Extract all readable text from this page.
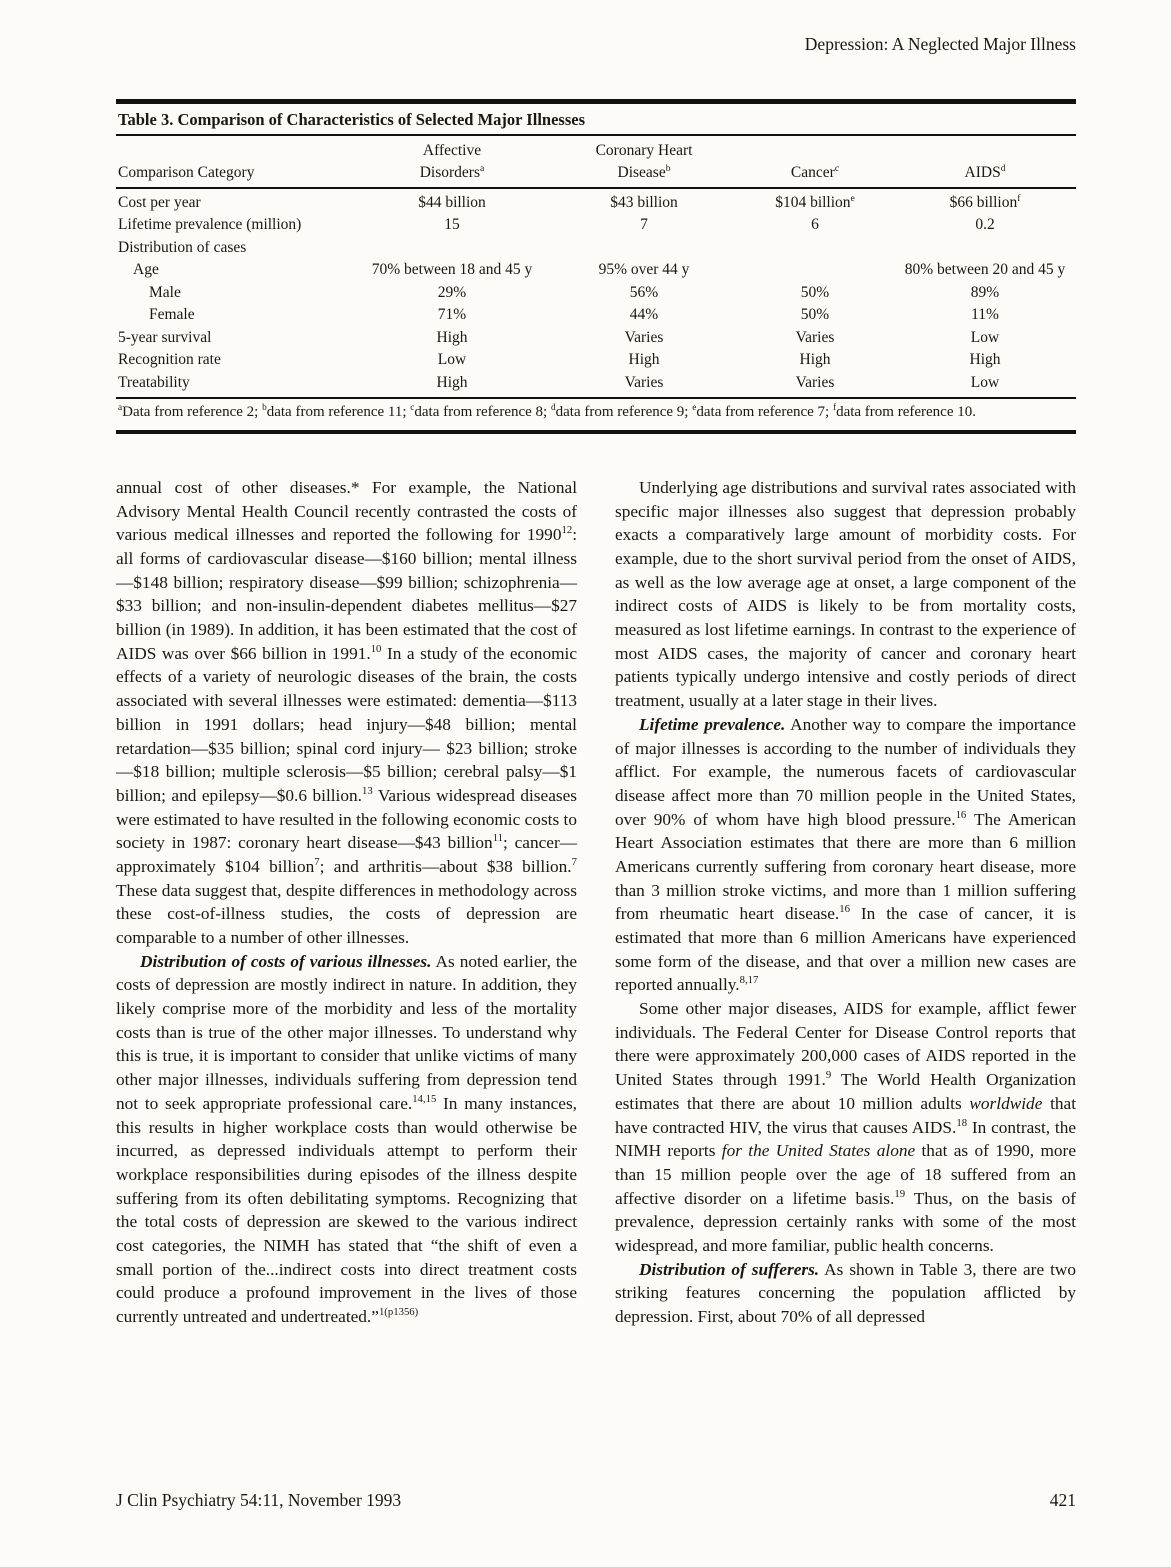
Depression: A Neglected Major Illness
Table 3. Comparison of Characteristics of Selected Major Illnesses
	Affective	Coronary Heart		
Comparison Category	Disorders$^a$	Disease$^b$	Cancer$^c$	AIDS$^d$
Cost per year	$44 billion	$43 billion	$104 billion$^e$	$66 billion$^f$
Lifetime prevalence (million)	15	7	6	0.2
Distribution of cases				
Age	70% between 18 and 45 y	95% over 44 y		80% between 20 and 45 y
Male	29%	56%	50%	89%
Female	71%	44%	50%	11%
5-year survival	High	Varies	Varies	Low
Recognition rate	Low	High	High	High
Treatability	High	Varies	Varies	Low
$^a$Data from reference 2; $^b$data from reference 11; $^c$data from reference 8; $^d$data from reference 9; $^e$data from reference 7; $^f$data from reference 10.

annual cost of other diseases.* For example, the National Advisory Mental Health Council recently contrasted the costs of various medical illnesses and reported the following for 1990$^{12}$: all forms of cardiovascular disease—$160 billion; mental illness—$148 billion; respiratory disease—$99 billion; schizophrenia— $33 billion; and non-insulin-dependent diabetes mellitus—$27 billion (in 1989). In addition, it has been estimated that the cost of AIDS was over $66 billion in 1991.10 In a study of the economic effects of a variety of neurologic diseases of the brain, the costs associated with several illnesses were estimated: dementia—$113 billion in 1991 dollars; head injury—$48 billion; mental retardation—$35 billion; spinal cord injury— $23 billion; stroke—$18 billion; multiple sclerosis—$5 billion; cerebral palsy—$1 billion; and epilepsy—$0.6 billion.$^{13}$ Various widespread diseases were estimated to have resulted in the following economic costs to society in 1987: coronary heart disease—$43 billion$^{11}$; cancer—approximately $104 billion$^7$; and arthritis—about $38 billion.$^7$ These data suggest that, despite differences in methodology across these cost-of-illness studies, the costs of depression are comparable to a number of other illnesses.

Distribution of costs of various illnesses. As noted earlier, the costs of depression are mostly indirect in nature. In addition, they likely comprise more of the morbidity and less of the mortality costs than is true of the other major illnesses. To understand why this is true, it is important to consider that unlike victims of many other major illnesses, individuals suffering from depression tend not to seek appropriate professional care.$^{14,15}$ In many instances, this results in higher workplace costs than would otherwise be incurred, as depressed individuals attempt to perform their workplace responsibilities during episodes of the illness despite suffering from its often debilitating symptoms. Recognizing that the total costs of depression are skewed to the various indirect cost categories, the NIMH has stated that “the shift of even a small portion of the...indirect costs into direct treatment costs could produce a profound improvement in the lives of those currently untreated and undertreated.”$^{1(p1356)}$

Underlying age distributions and survival rates associated with specific major illnesses also suggest that depression probably exacts a comparatively large amount of morbidity costs. For example, due to the short survival period from the onset of AIDS, as well as the low average age at onset, a large component of the indirect costs of AIDS is likely to be from mortality costs, measured as lost lifetime earnings. In contrast to the experience of most AIDS cases, the majority of cancer and coronary heart patients typically undergo intensive and costly periods of direct treatment, usually at a later stage in their lives.

Lifetime prevalence. Another way to compare the importance of major illnesses is according to the number of individuals they afflict. For example, the numerous facets of cardiovascular disease affect more than 70 million people in the United States, over 90% of whom have high blood pressure.$^{16}$ The American Heart Association estimates that there are more than 6 million Americans currently suffering from coronary heart disease, more than 3 million stroke victims, and more than 1 million suffering from rheumatic heart disease.$^{16}$ In the case of cancer, it is estimated that more than 6 million Americans have experienced some form of the disease, and that over a million new cases are reported annually.$^{8,17}$

Some other major diseases, AIDS for example, afflict fewer individuals. The Federal Center for Disease Control reports that there were approximately 200,000 cases of AIDS reported in the United States through 1991.$^9$ The World Health Organization estimates that there are about 10 million adults worldwide that have contracted HIV, the virus that causes AIDS.$^{18}$ In contrast, the NIMH reports for the United States alone that as of 1990, more than 15 million people over the age of 18 suffered from an affective disorder on a lifetime basis.$^{19}$ Thus, on the basis of prevalence, depression certainly ranks with some of the most widespread, and more familiar, public health concerns.

Distribution of sufferers. As shown in Table 3, there are two striking features concerning the population afflicted by depression. First, about 70% of all depressed

J Clin Psychiatry 54:11, November 1993	421
